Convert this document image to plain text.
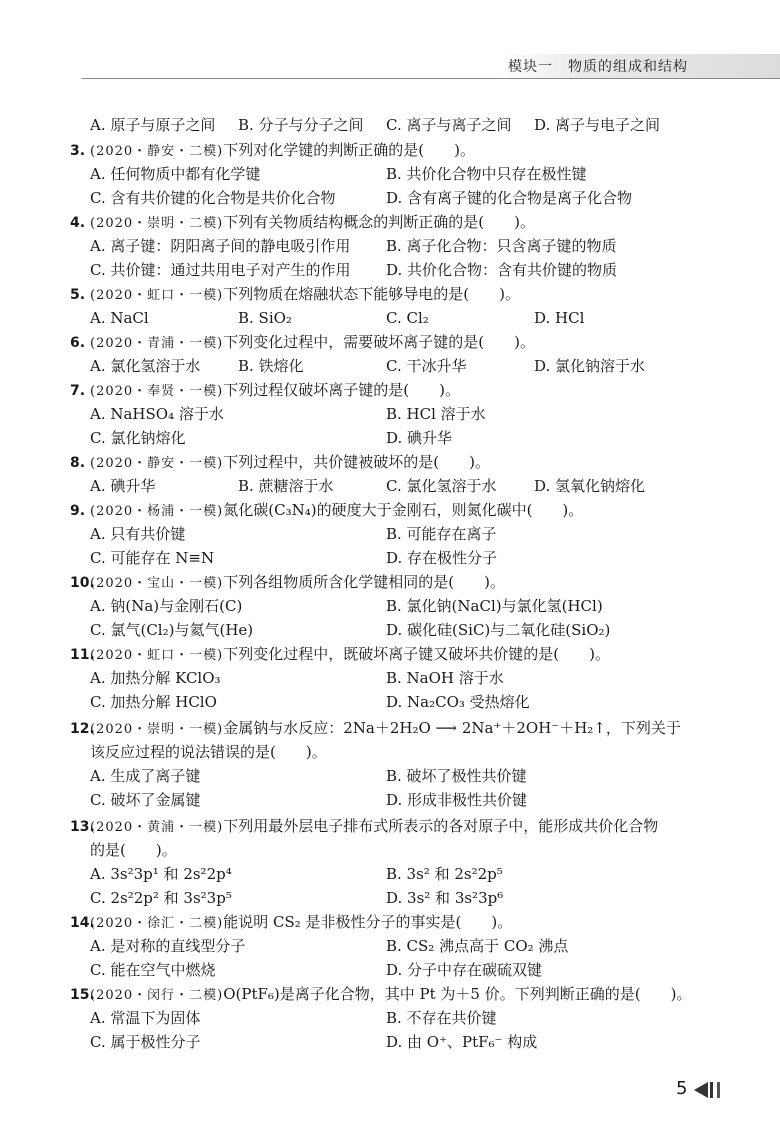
模块一　物质的组成和结构
A. 原子与原子之间 B. 分子与分子之间 C. 离子与离子之间 D. 离子与电子之间
3. (2020・静安・二模)下列对化学键的判断正确的是(　　)。
A. 任何物质中都有化学键	B. 共价化合物中只存在极性键
C. 含有共价键的化合物是共价化合物	D. 含有离子键的化合物是离子化合物
4. (2020・崇明・二模)下列有关物质结构概念的判断正确的是(　　)。
A. 离子键：阴阳离子间的静电吸引作用 B. 离子化合物：只含离子键的物质
C. 共价键：通过共用电子对产生的作用 D. 共价化合物：含有共价键的物质
5. (2020・虹口・一模)下列物质在熔融状态下能够导电的是(　　)。
A. NaCl	B. SiO₂	C. Cl₂	D. HCl
6. (2020・青浦・一模)下列变化过程中，需要破坏离子键的是(　　)。
A. 氯化氢溶于水	B. 铁熔化	C. 干冰升华	D. 氯化钠溶于水
7. (2020・奉贤・一模)下列过程仅破坏离子键的是(　　)。
A. NaHSO₄ 溶于水	B. HCl 溶于水
C. 氯化钠熔化	D. 碘升华
8. (2020・静安・一模)下列过程中，共价键被破坏的是(　　)。
A. 碘升华	B. 蔗糖溶于水	C. 氯化氢溶于水	D. 氢氧化钠熔化
9. (2020・杨浦・一模)氮化碳(C₃N₄)的硬度大于金刚石，则氮化碳中(　　)。
A. 只有共价键	B. 可能存在离子
C. 可能存在 N≡N	D. 存在极性分子
10.(2020・宝山・一模)下列各组物质所含化学键相同的是(　　)。
A. 钠(Na)与金刚石(C)	B. 氯化钠(NaCl)与氯化氢(HCl)
C. 氯气(Cl₂)与氦气(He)	D. 碳化硅(SiC)与二氧化硅(SiO₂)
11.(2020・虹口・一模)下列变化过程中，既破坏离子键又破坏共价键的是(　　)。
A. 加热分解 KClO₃	B. NaOH 溶于水
C. 加热分解 HClO	D. Na₂CO₃ 受热熔化
12.(2020・崇明・一模)金属钠与水反应：2Na＋2H₂O ⟶ 2Na⁺＋2OH⁻＋H₂↑，下列关于
该反应过程的说法错误的是(　　)。
A. 生成了离子键	B. 破坏了极性共价键
C. 破坏了金属键	D. 形成非极性共价键
13.(2020・黄浦・一模)下列用最外层电子排布式所表示的各对原子中，能形成共价化合物
的是(　　)。
A. 3s²3p¹ 和 2s²2p⁴	B. 3s² 和 2s²2p⁵
C. 2s²2p² 和 3s²3p⁵	D. 3s² 和 3s²3p⁶
14.(2020・徐汇・二模)能说明 CS₂ 是非极性分子的事实是(　　)。
A. 是对称的直线型分子	B. CS₂ 沸点高于 CO₂ 沸点
C. 能在空气中燃烧	D. 分子中存在碳硫双键
15.(2020・闵行・二模)O(PtF₆)是离子化合物，其中 Pt 为＋5 价。下列判断正确的是(　　)。
A. 常温下为固体	B. 不存在共价键
C. 属于极性分子	D. 由 O⁺、PtF₆⁻ 构成
5
